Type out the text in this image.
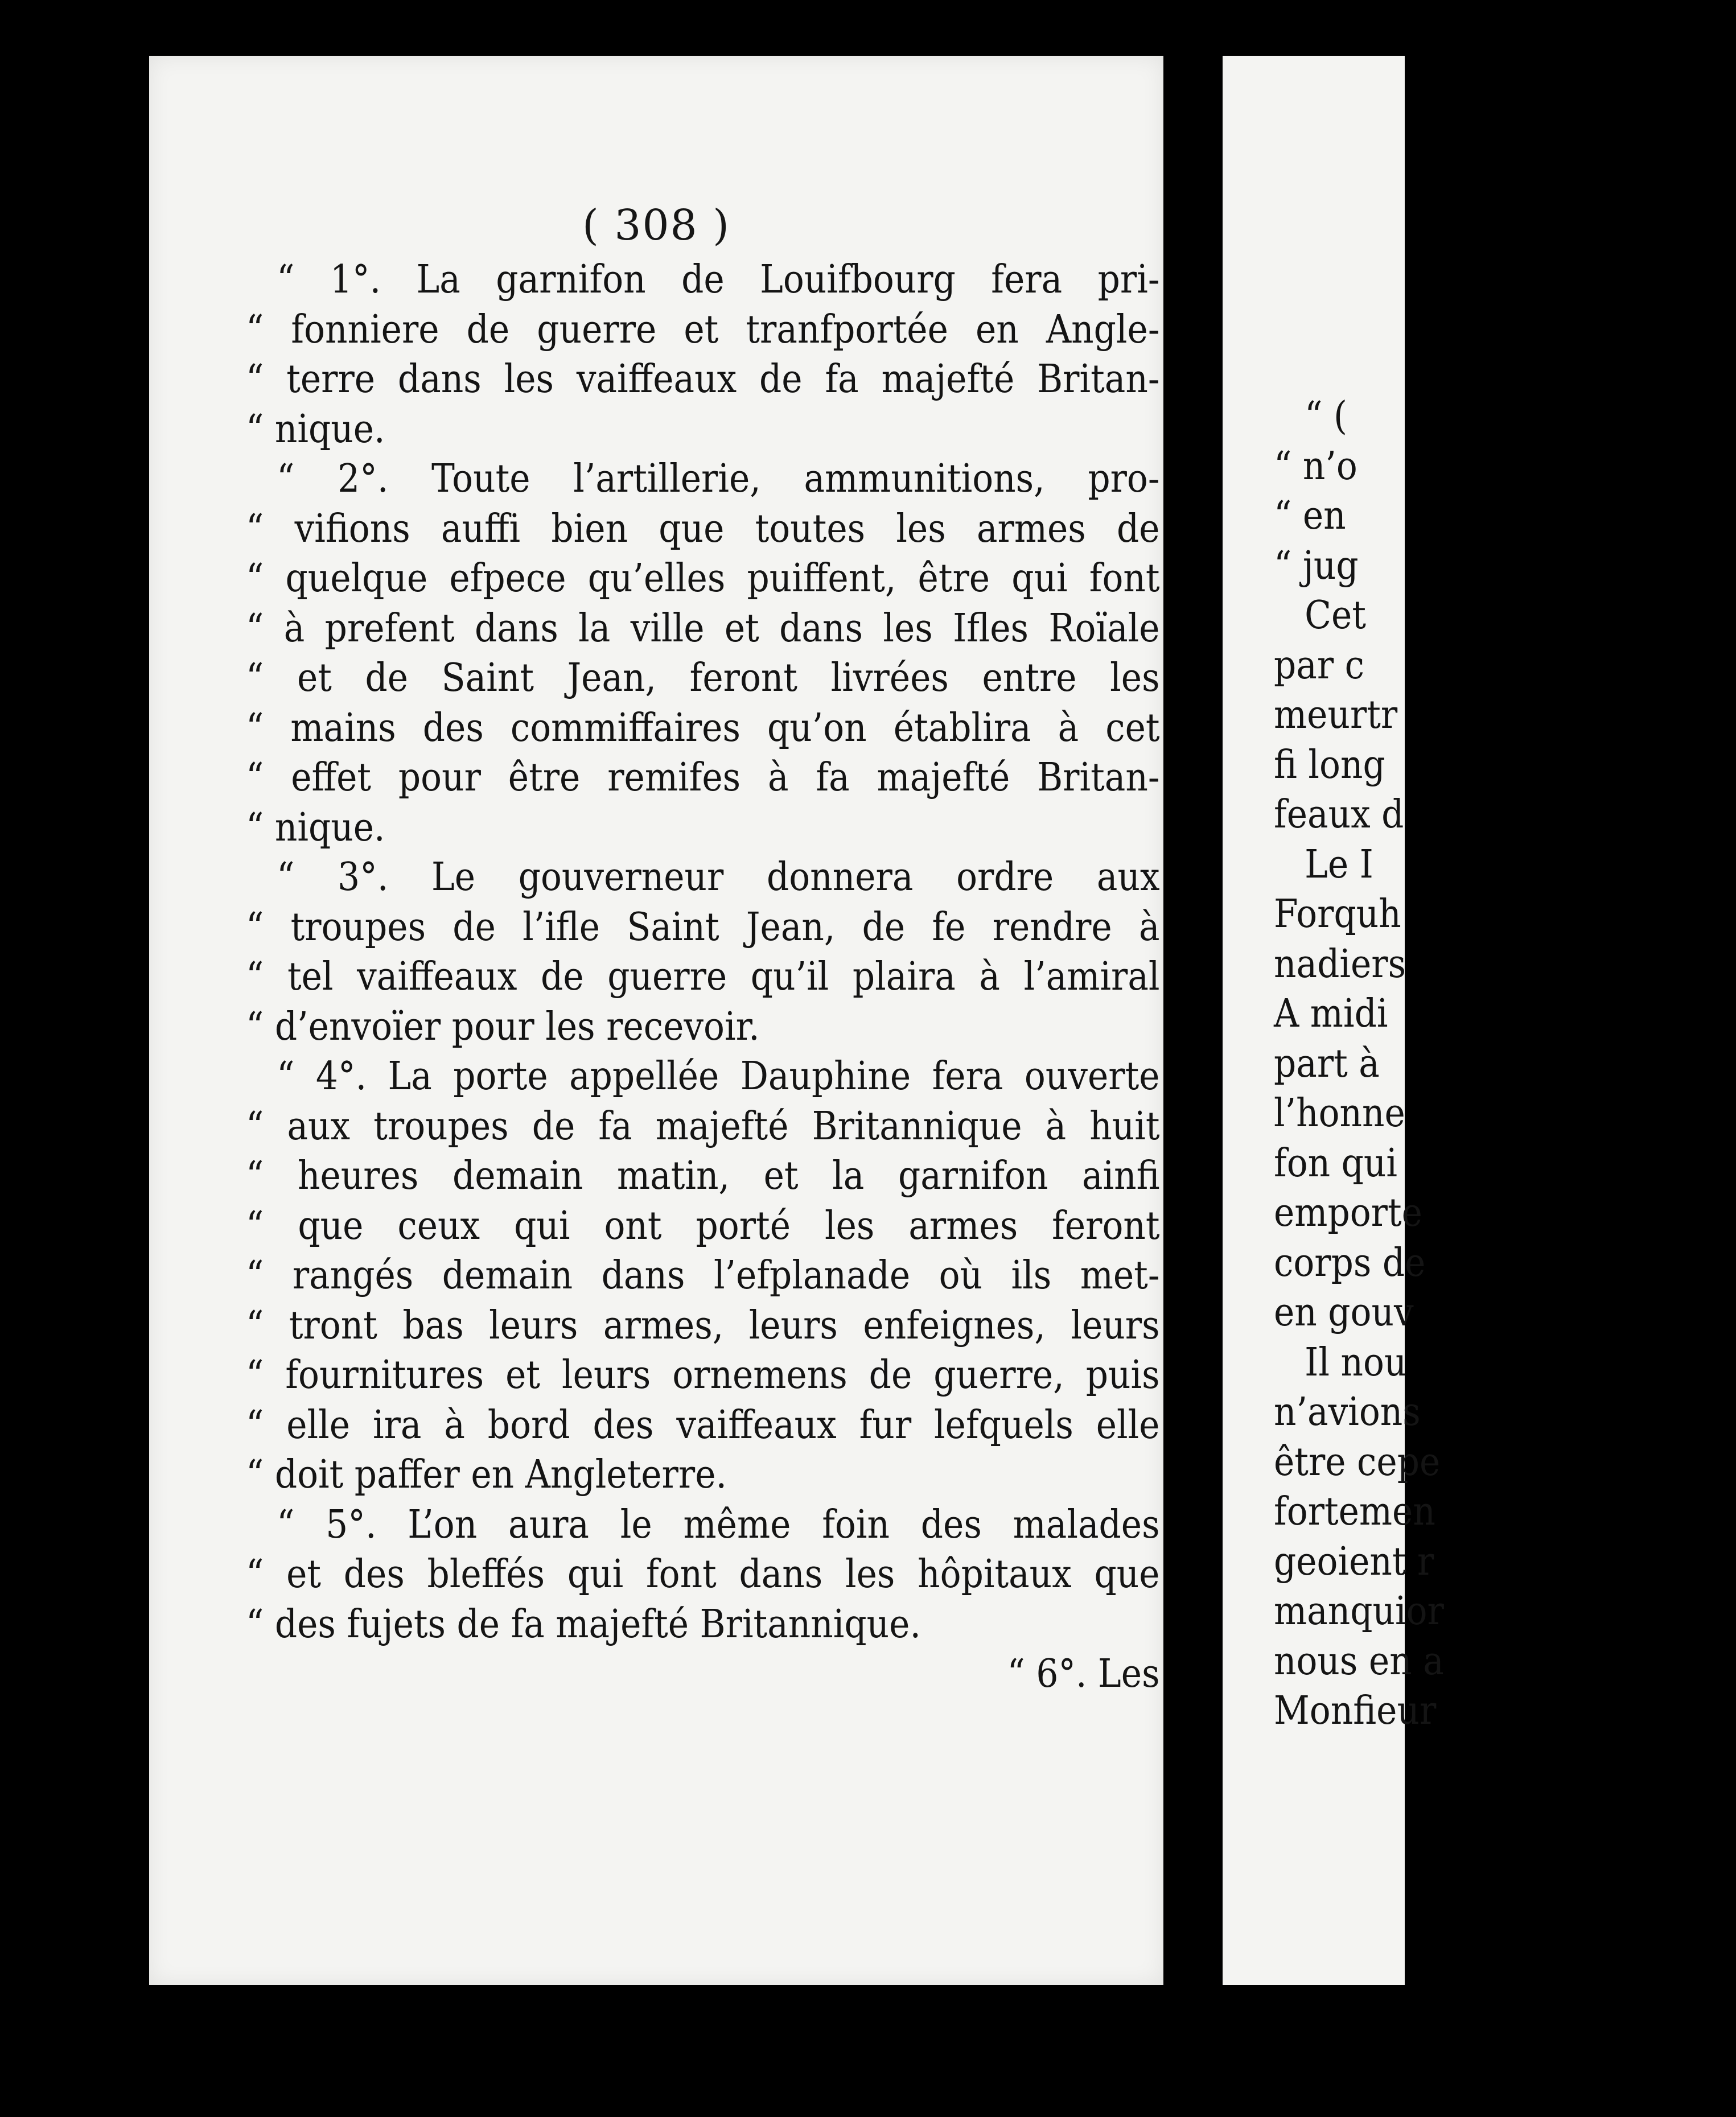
( 308 )
“ 1°. La garnifon de Louifbourg fera pri-
“ fonniere de guerre et tranfportée en Angle-
“ terre dans les vaiffeaux de fa majefté Britan-
“ nique.
“ 2°. Toute l’artillerie, ammunitions, pro-
“ vifions auffi bien que toutes les armes de
“ quelque efpece qu’elles puiffent, être qui font
“ à prefent dans la ville et dans les Ifles Roïale
“ et de Saint Jean, feront livrées entre les
“ mains des commiffaires qu’on établira à cet
“ effet pour être remifes à fa majefté Britan-
“ nique.
“ 3°. Le gouverneur donnera ordre aux
“ troupes de l’ifle Saint Jean, de fe rendre à
“ tel vaiffeaux de guerre qu’il plaira à l’amiral
“ d’envoïer pour les recevoir.
“ 4°. La porte appellée Dauphine fera ouverte
“ aux troupes de fa majefté Britannique à huit
“ heures demain matin, et la garnifon ainfi
“ que ceux qui ont porté les armes feront
“ rangés demain dans l’efplanade où ils met-
“ tront bas leurs armes, leurs enfeignes, leurs
“ fournitures et leurs ornemens de guerre, puis
“ elle ira à bord des vaiffeaux fur lefquels elle
“ doit paffer en Angleterre.
“ 5°. L’on aura le même foin des malades
“ et des bleffés qui font dans les hôpitaux que
“ des fujets de fa majefté Britannique.
“ 6°. Les
“ (
“ n’o
“ en
“ jug
Cet
par c
meurtr
fi long
feaux d
Le I
Forquh
nadiers
A midi
part à
l’honne
fon qui
emporte
corps de
en gouv
Il nou
n’avions
être cepe
fortemen
geoient r
manquior
nous en a
Monfieur
